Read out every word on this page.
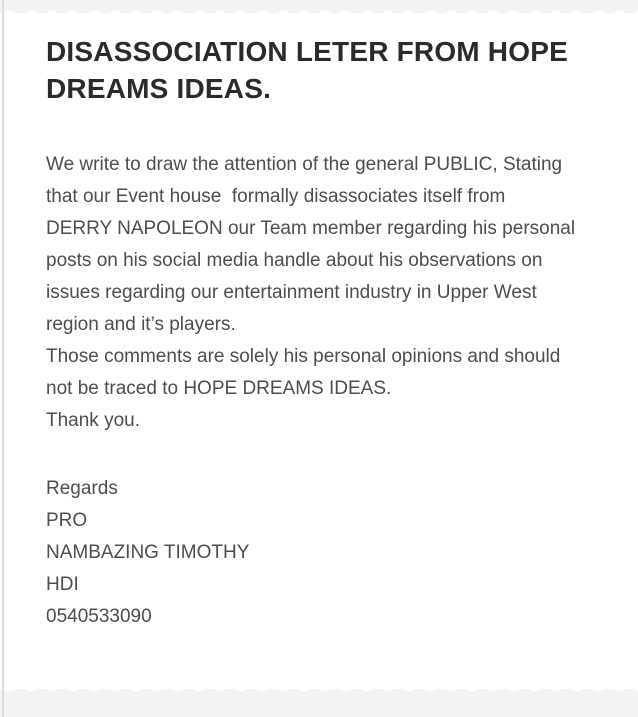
DISASSOCIATION LETER FROM HOPE
DREAMS IDEAS.

We write to draw the attention of the general PUBLIC, Stating

that our Event house  formally disassociates itself from

DERRY NAPOLEON our Team member regarding his personal

posts on his social media handle about his observations on

issues regarding our entertainment industry in Upper West

region and it’s players.

Those comments are solely his personal opinions and should

not be traced to HOPE DREAMS IDEAS.

Thank you.

Regards

PRO

NAMBAZING TIMOTHY

HDI

0540533090
